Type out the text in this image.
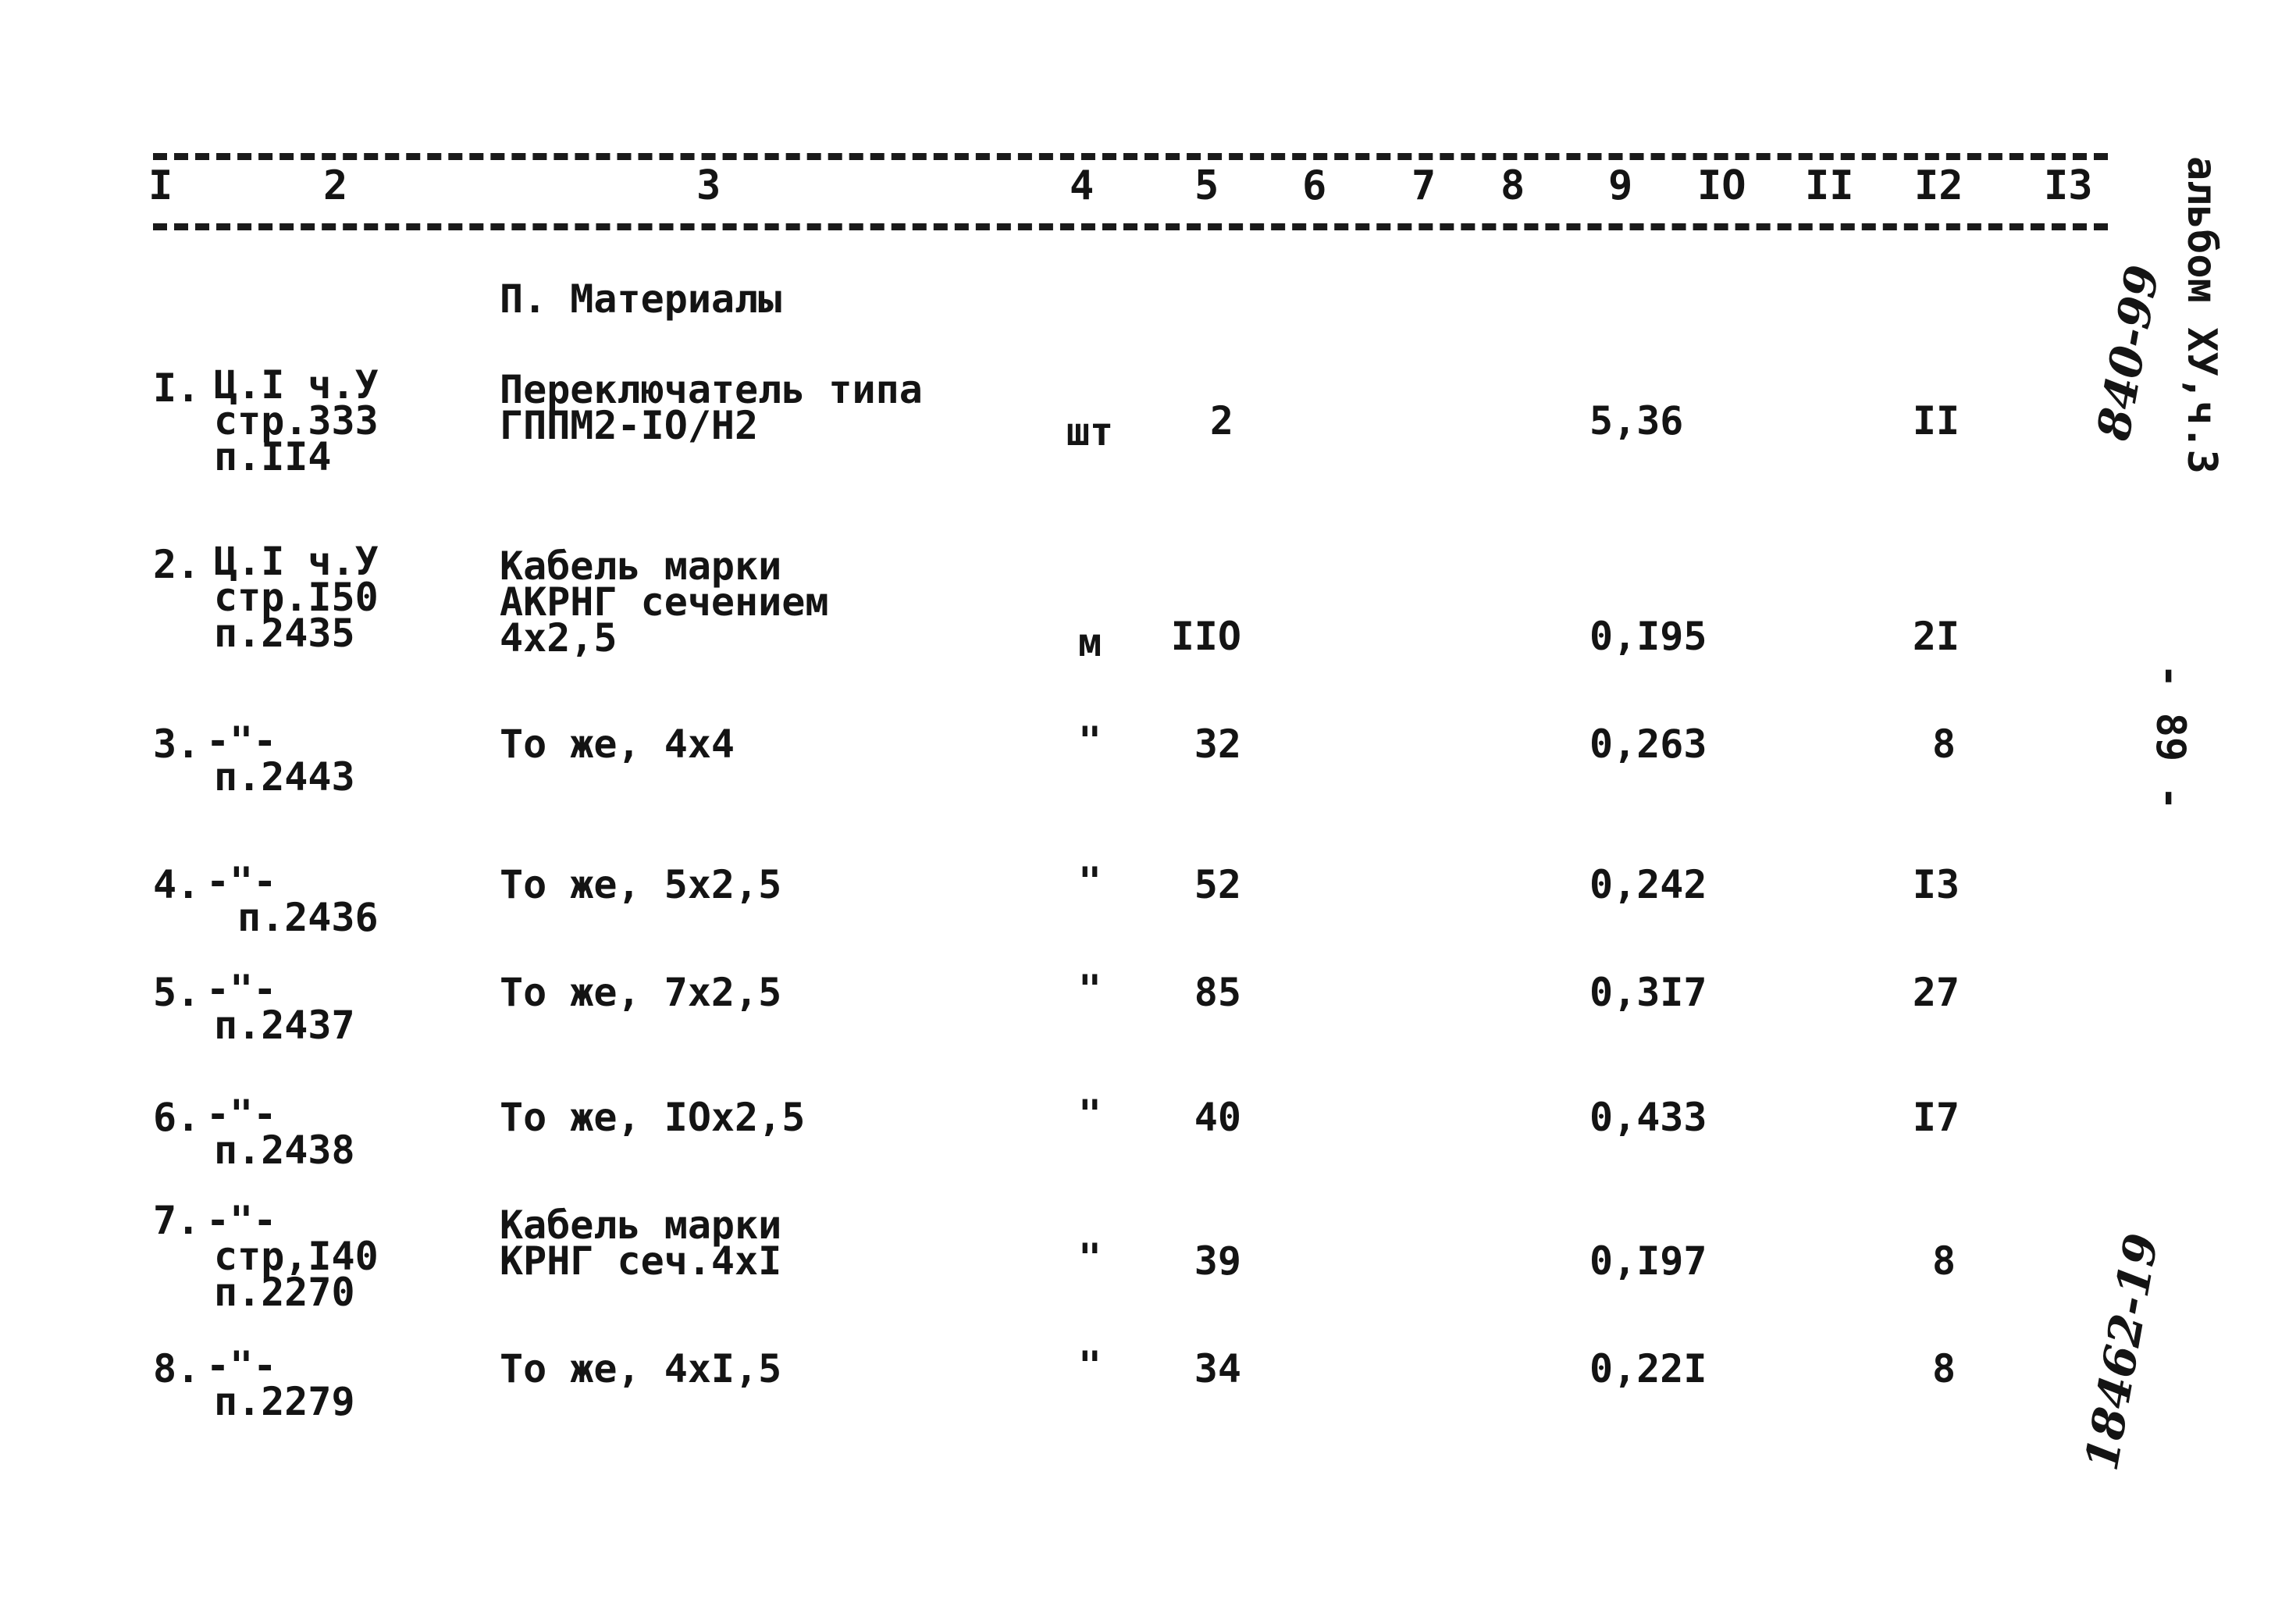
I	2	3	4 5 6 7 8 9 IO II I2 I3
П. Материалы
I. Ц.I ч.У
стр.333
п.II4
Переключатель типа
ГППМ2-IO/H2	шт	2	5,36	II
2. Ц.I ч.У
стр.I50
п.2435
Кабель марки
АКРНГ сечением
4х2,5	м	IIO	0,I95	2I
3. -"-
п.2443
То же, 4х4	"	32	0,263	8
4. -"-
п.2436
То же, 5х2,5	"	52	0,242	I3
5. -"-
п.2437
То же, 7х2,5	"	85	0,3I7	27
6. -"-
п.2438
То же, IOx2,5	"	40	0,433	I7
7. -"-
стр,I40
п.2270
Кабель марки
КРНГ сеч.4хI	"	39	0,I97	8
8. -"-
п.2279
То же, 4хI,5	"	34	0,22I	8
альбом XУ,ч.3
840-99
- 89 -
18462-19
